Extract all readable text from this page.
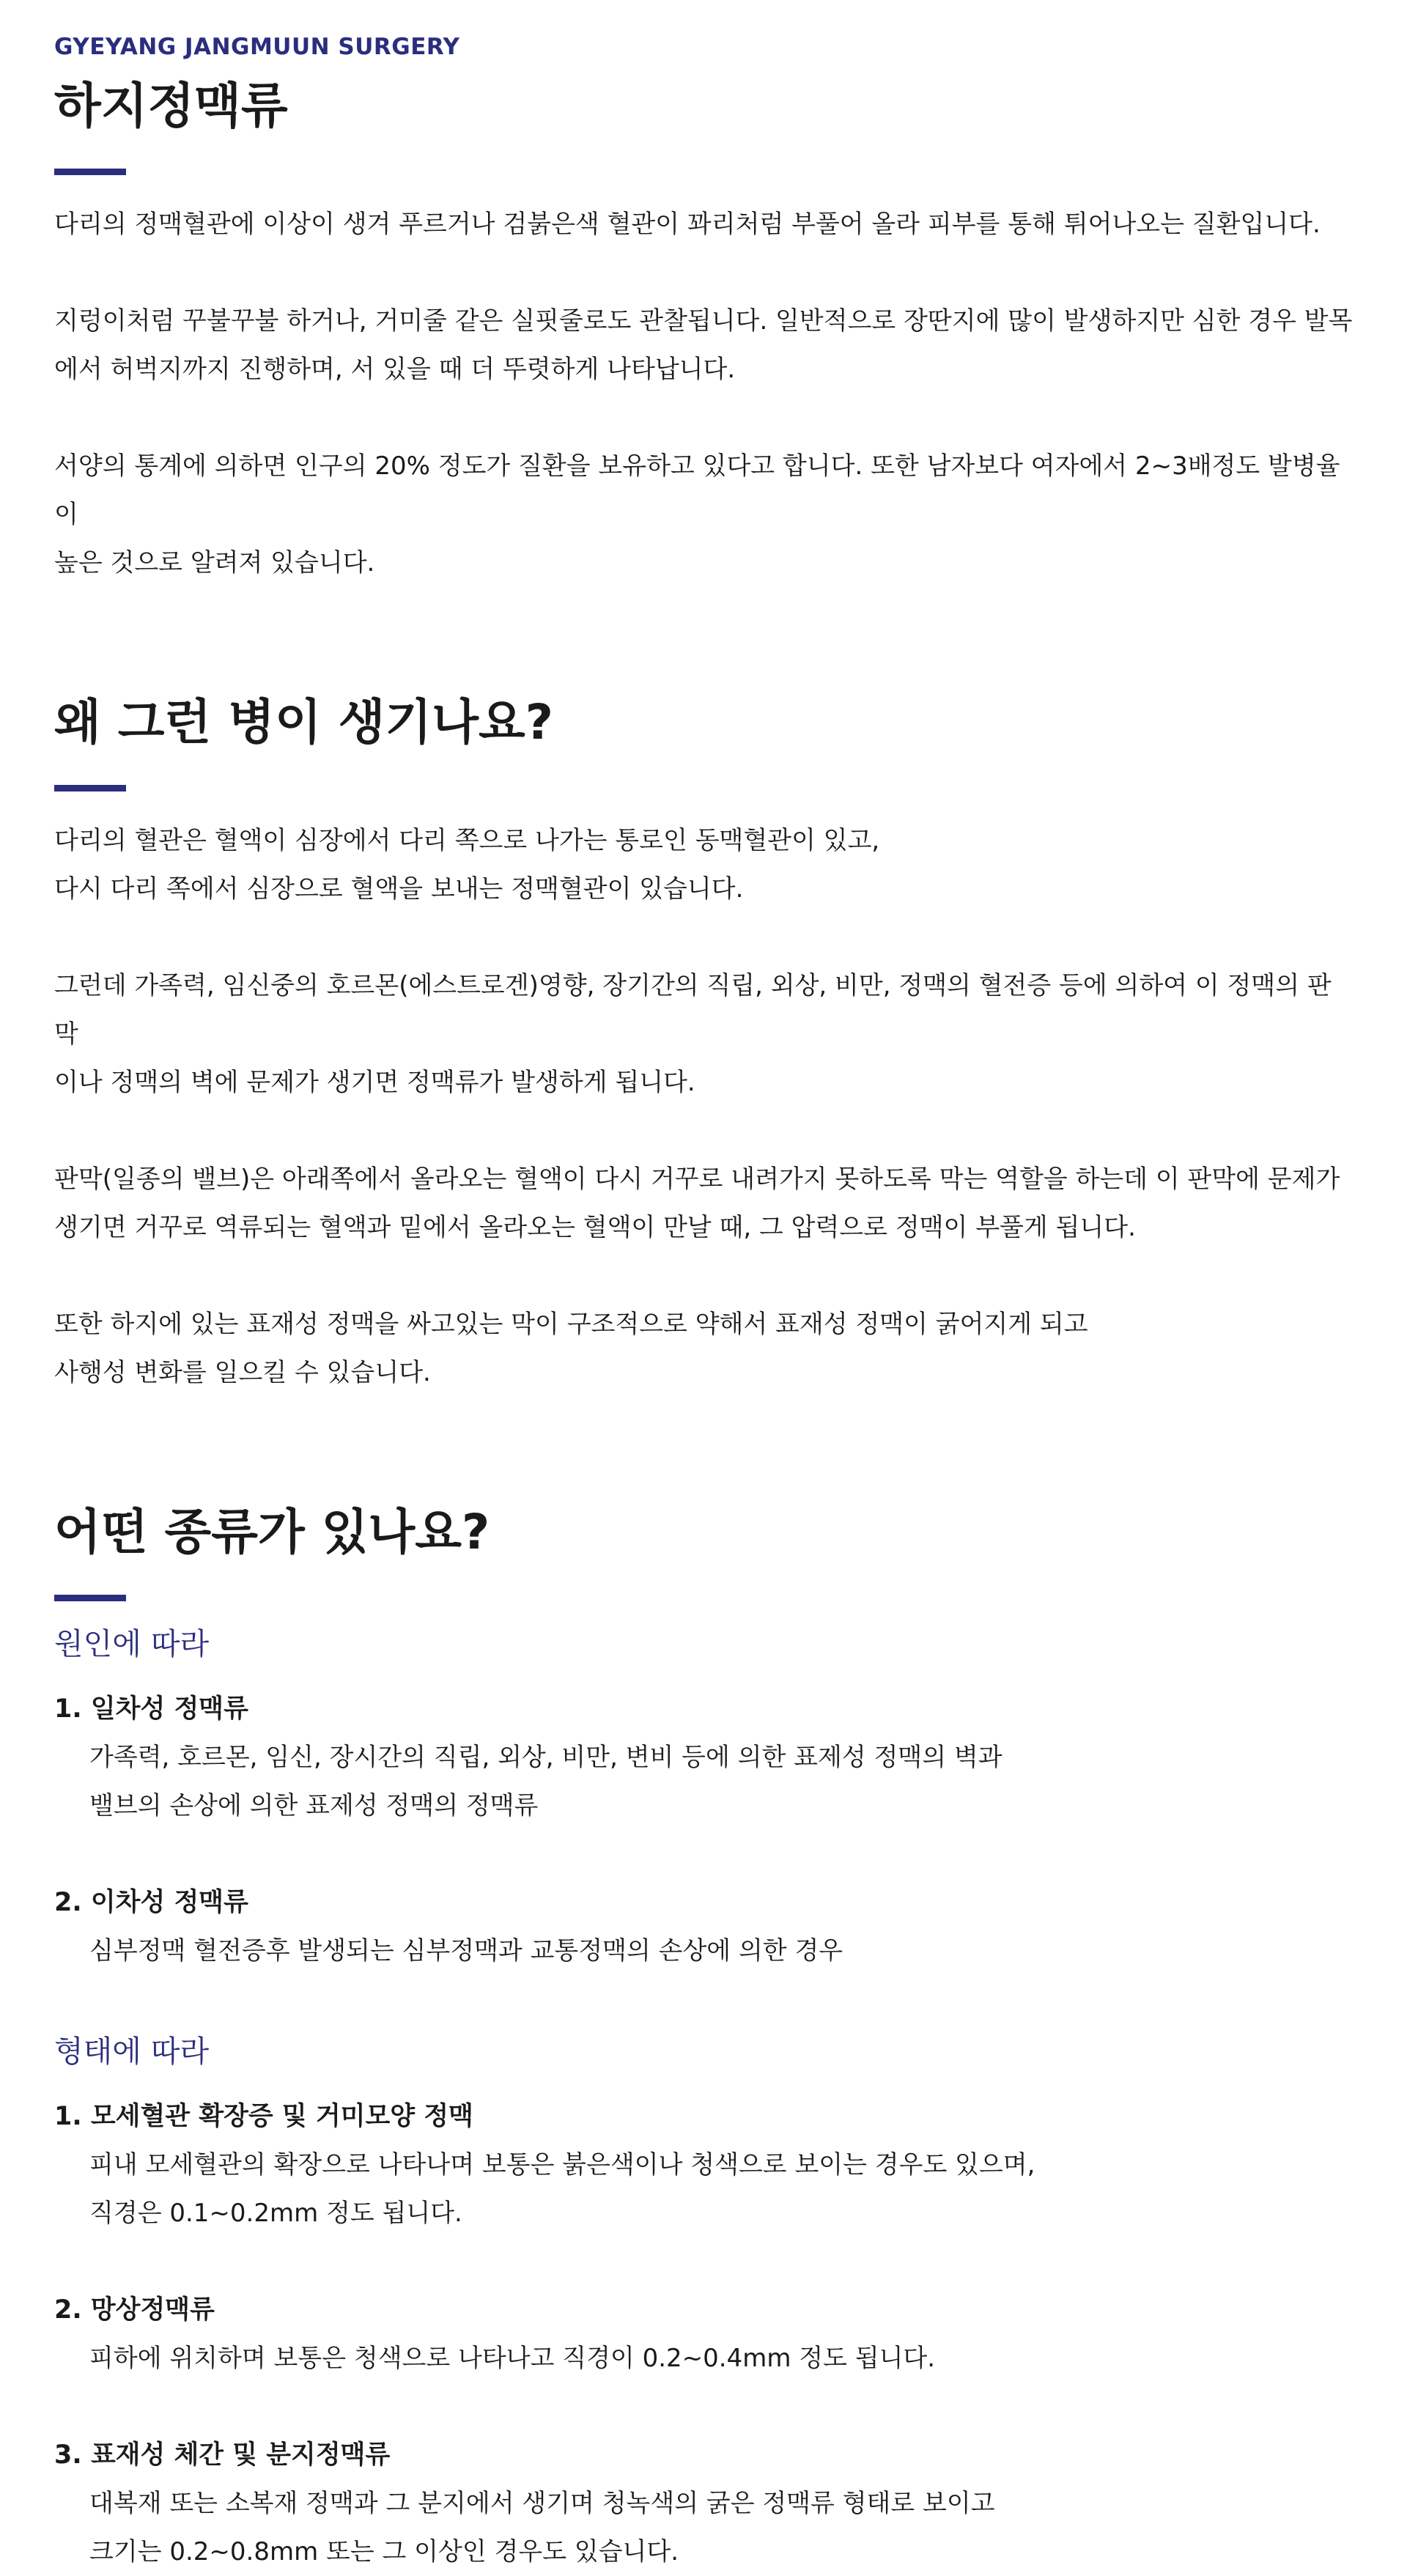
GYEYANG JANGMUUN SURGERY

하지정맥류

다리의 정맥혈관에 이상이 생겨 푸르거나 검붉은색 혈관이 꽈리처럼 부풀어 올라 피부를 통해 튀어나오는 질환입니다.

지렁이처럼 꾸불꾸불 하거나, 거미줄 같은 실핏줄로도 관찰됩니다. 일반적으로 장딴지에 많이 발생하지만 심한 경우 발목
에서 허벅지까지 진행하며, 서 있을 때 더 뚜렷하게 나타납니다.

서양의 통계에 의하면 인구의 20% 정도가 질환을 보유하고 있다고 합니다. 또한 남자보다 여자에서 2~3배정도 발병율이
높은 것으로 알려져 있습니다.

왜 그런 병이 생기나요?

다리의 혈관은 혈액이 심장에서 다리 쪽으로 나가는 통로인 동맥혈관이 있고,
다시 다리 쪽에서 심장으로 혈액을 보내는 정맥혈관이 있습니다.

그런데 가족력, 임신중의 호르몬(에스트로겐)영향, 장기간의 직립, 외상, 비만, 정맥의 혈전증 등에 의하여 이 정맥의 판막
이나 정맥의 벽에 문제가 생기면 정맥류가 발생하게 됩니다.

판막(일종의 밸브)은 아래쪽에서 올라오는 혈액이 다시 거꾸로 내려가지 못하도록 막는 역할을 하는데 이 판막에 문제가
생기면 거꾸로 역류되는 혈액과 밑에서 올라오는 혈액이 만날 때, 그 압력으로 정맥이 부풀게 됩니다.

또한 하지에 있는 표재성 정맥을 싸고있는 막이 구조적으로 약해서 표재성 정맥이 굵어지게 되고
사행성 변화를 일으킬 수 있습니다.

어떤 종류가 있나요?

원인에 따라

1. 일차성 정맥류

가족력, 호르몬, 임신, 장시간의 직립, 외상, 비만, 변비 등에 의한 표제성 정맥의 벽과
밸브의 손상에 의한 표제성 정맥의 정맥류

2. 이차성 정맥류

심부정맥 혈전증후 발생되는 심부정맥과 교통정맥의 손상에 의한 경우

형태에 따라

1. 모세혈관 확장증 및 거미모양 정맥

피내 모세혈관의 확장으로 나타나며 보통은 붉은색이나 청색으로 보이는 경우도 있으며,
직경은 0.1~0.2mm 정도 됩니다.

2. 망상정맥류

피하에 위치하며 보통은 청색으로 나타나고 직경이 0.2~0.4mm 정도 됩니다.

3. 표재성 체간 및 분지정맥류

대복재 또는 소복재 정맥과 그 분지에서 생기며 청녹색의 굵은 정맥류 형태로 보이고
크기는 0.2~0.8mm 또는 그 이상인 경우도 있습니다.
